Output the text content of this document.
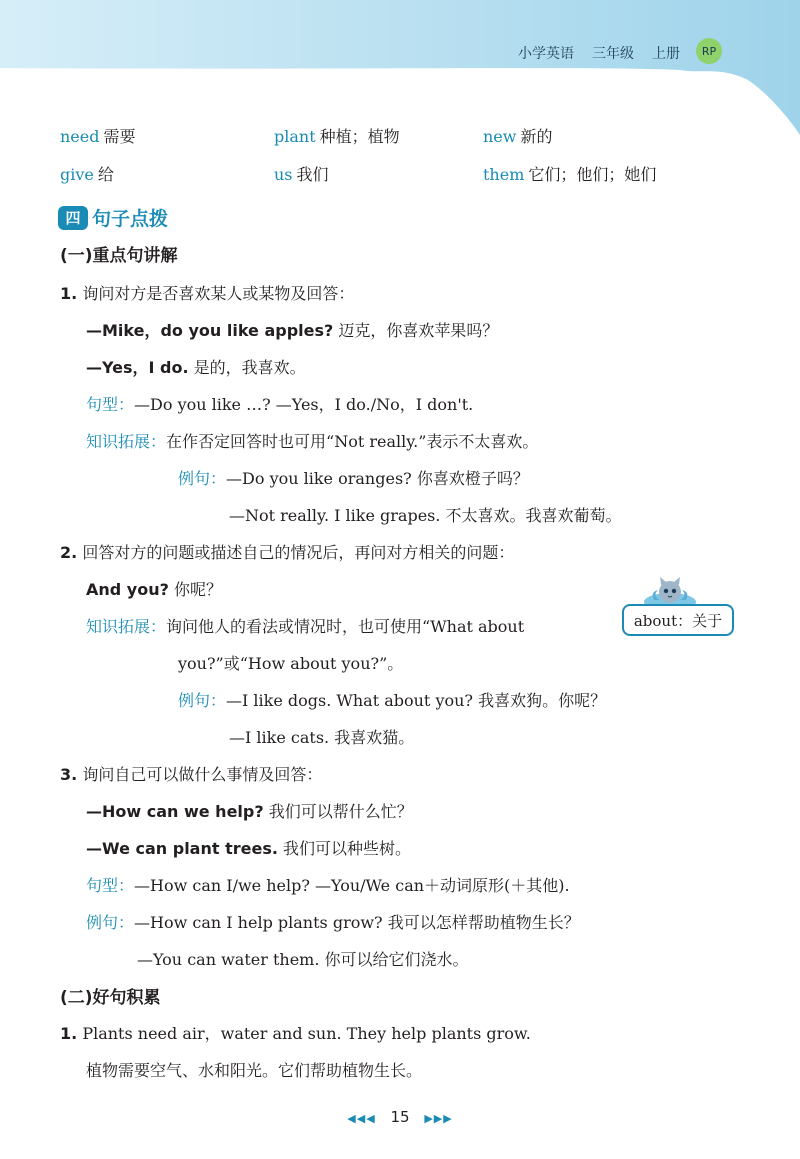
小学英语 三年级 上册	RP
need 需要	plant 种植；植物	new 新的
give 给	us 我们	them 它们；他们；她们
四 句子点拨
(一)重点句讲解
1. 询问对方是否喜欢某人或某物及回答：
—Mike，do you like apples? 迈克，你喜欢苹果吗？
—Yes，I do. 是的，我喜欢。
句型：—Do you like …? —Yes，I do./No，I don't.
知识拓展：在作否定回答时也可用“Not really.”表示不太喜欢。
例句：—Do you like oranges? 你喜欢橙子吗？
—Not really. I like grapes. 不太喜欢。我喜欢葡萄。
2. 回答对方的问题或描述自己的情况后，再问对方相关的问题：
And you? 你呢？
知识拓展：询问他人的看法或情况时，也可使用“What about
you?”或“How about you?”。
about：关于
例句：—I like dogs. What about you? 我喜欢狗。你呢？
—I like cats. 我喜欢猫。
3. 询问自己可以做什么事情及回答：
—How can we help? 我们可以帮什么忙？
—We can plant trees. 我们可以种些树。
句型：—How can I/we help? —You/We can＋动词原形(＋其他).
例句：—How can I help plants grow? 我可以怎样帮助植物生长？
—You can water them. 你可以给它们浇水。
(二)好句积累
1. Plants need air，water and sun. They help plants grow.
植物需要空气、水和阳光。它们帮助植物生长。
◀◀◀ 15 ▶▶▶
